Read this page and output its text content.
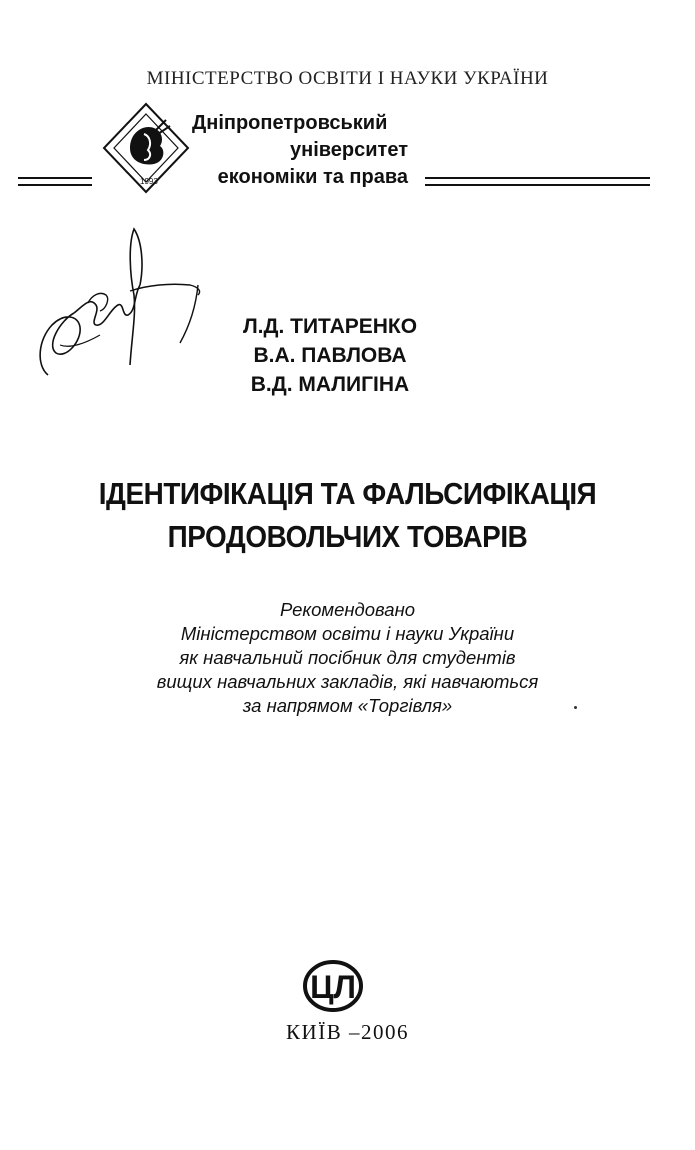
МІНІСТЕРСТВО ОСВІТИ І НАУКИ УКРАЇНИ
1993
Дніпропетровський
університет
економіки та права
Л.Д. ТИТАРЕНКО
В.А. ПАВЛОВА
В.Д. МАЛИГІНА
ІДЕНТИФІКАЦІЯ ТА ФАЛЬСИФІКАЦІЯ
ПРОДОВОЛЬЧИХ ТОВАРІВ
Рекомендовано
Міністерством освіти і науки України
як навчальний посібник для студентів
вищих навчальних закладів, які навчаються
за напрямом «Торгівля»
ЦЛ
КИЇВ –2006
